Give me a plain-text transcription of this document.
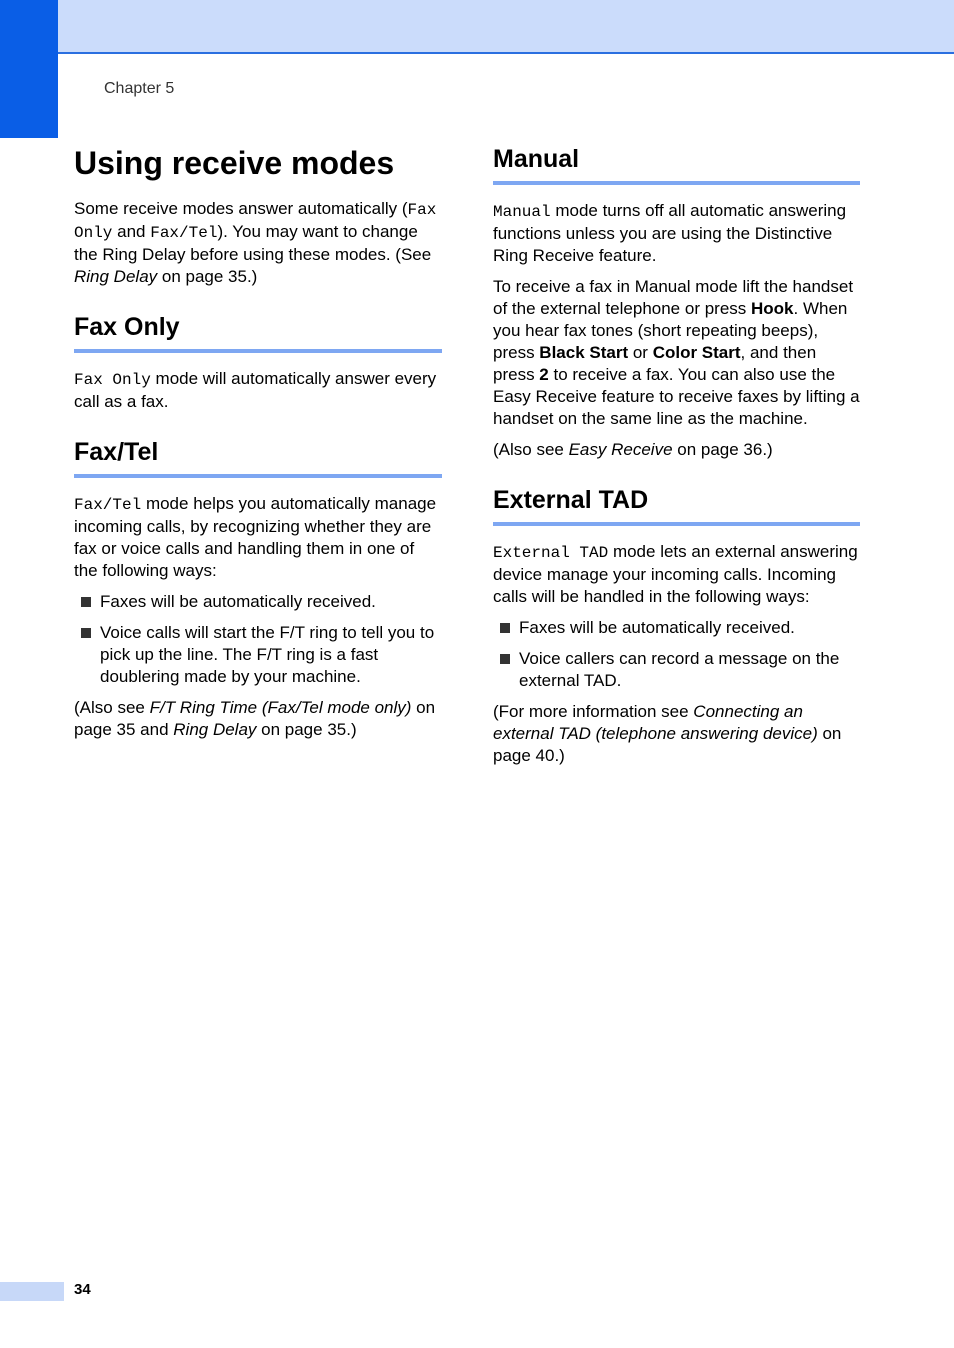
Chapter 5
Using receive modes

Some receive modes answer automatically (Fax Only and Fax/Tel). You may want to change the Ring Delay before using these modes. (See Ring Delay on page 35.)

Fax Only

Fax Only mode will automatically answer every call as a fax.

Fax/Tel

Fax/Tel mode helps you automatically manage incoming calls, by recognizing whether they are fax or voice calls and handling them in one of the following ways:

Faxes will be automatically received.
Voice calls will start the F/T ring to tell you to pick up the line. The F/T ring is a fast doublering made by your machine.

(Also see F/T Ring Time (Fax/Tel mode only) on page 35 and Ring Delay on page 35.)

Manual

Manual mode turns off all automatic answering functions unless you are using the Distinctive Ring Receive feature.

To receive a fax in Manual mode lift the handset of the external telephone or press Hook. When you hear fax tones (short repeating beeps), press Black Start or Color Start, and then press 2 to receive a fax. You can also use the Easy Receive feature to receive faxes by lifting a handset on the same line as the machine.

(Also see Easy Receive on page 36.)

External TAD

External TAD mode lets an external answering device manage your incoming calls. Incoming calls will be handled in the following ways:

Faxes will be automatically received.
Voice callers can record a message on the external TAD.

(For more information see Connecting an external TAD (telephone answering device) on page 40.)

34
